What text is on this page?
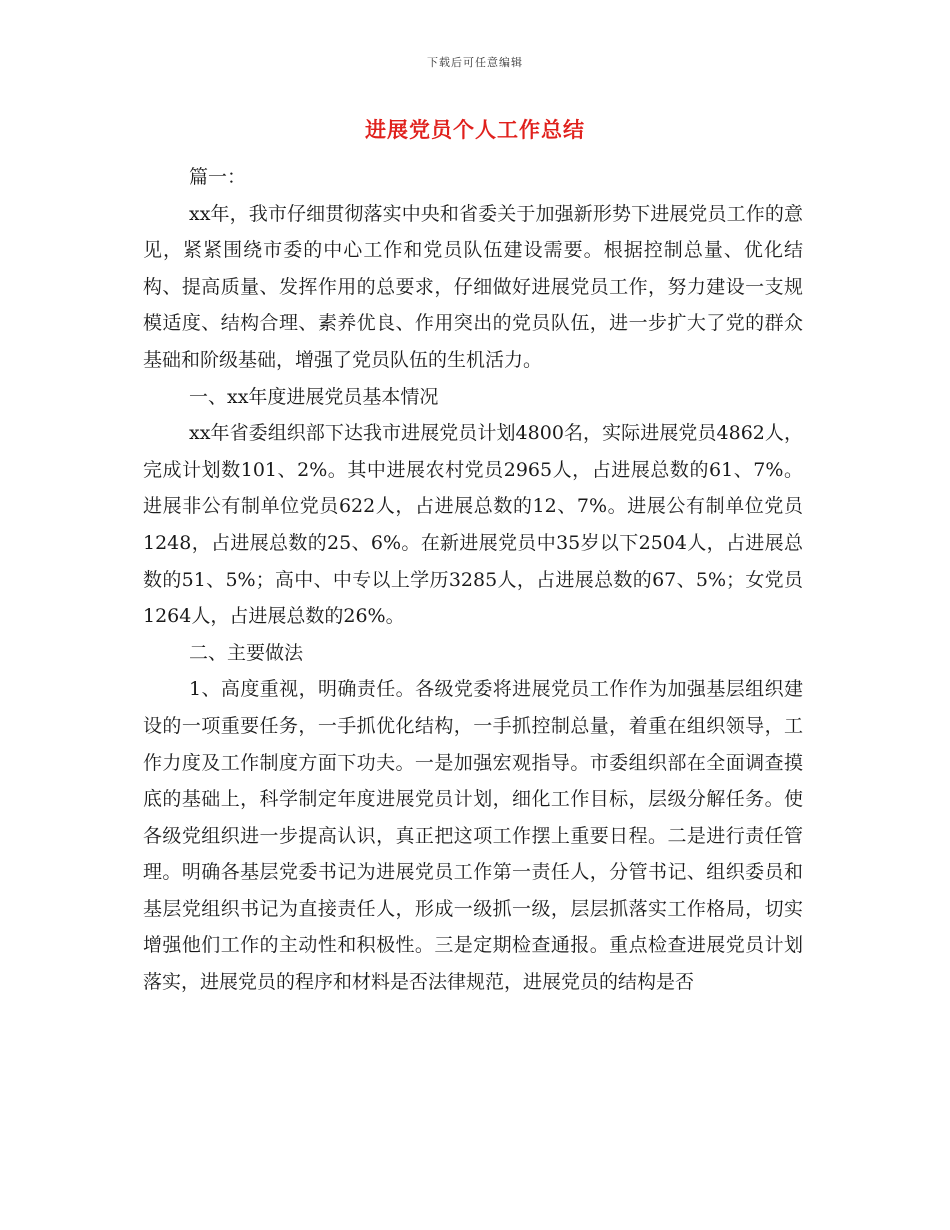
下载后可任意编辑
进展党员个人工作总结

篇一：

xx年，我市仔细贯彻落实中央和省委关于加强新形势下进展党员工作的意见，紧紧围绕市委的中心工作和党员队伍建设需要。根据控制总量、优化结构、提高质量、发挥作用的总要求，仔细做好进展党员工作，努力建设一支规模适度、结构合理、素养优良、作用突出的党员队伍，进一步扩大了党的群众基础和阶级基础，增强了党员队伍的生机活力。

一、xx年度进展党员基本情况

xx年省委组织部下达我市进展党员计划4800名，实际进展党员4862人，完成计划数101、2%。其中进展农村党员2965人，占进展总数的61、7%。进展非公有制单位党员622人，占进展总数的12、7%。进展公有制单位党员1248，占进展总数的25、6%。在新进展党员中35岁以下2504人，占进展总数的51、5%；高中、中专以上学历3285人，占进展总数的67、5%；女党员1264人，占进展总数的26%。

二、主要做法

1、高度重视，明确责任。各级党委将进展党员工作作为加强基层组织建设的一项重要任务，一手抓优化结构，一手抓控制总量，着重在组织领导，工作力度及工作制度方面下功夫。一是加强宏观指导。市委组织部在全面调查摸底的基础上，科学制定年度进展党员计划，细化工作目标，层级分解任务。使各级党组织进一步提高认识，真正把这项工作摆上重要日程。二是进行责任管理。明确各基层党委书记为进展党员工作第一责任人，分管书记、组织委员和基层党组织书记为直接责任人，形成一级抓一级，层层抓落实工作格局，切实增强他们工作的主动性和积极性。三是定期检查通报。重点检查进展党员计划落实，进展党员的程序和材料是否法律规范，进展党员的结构是否
